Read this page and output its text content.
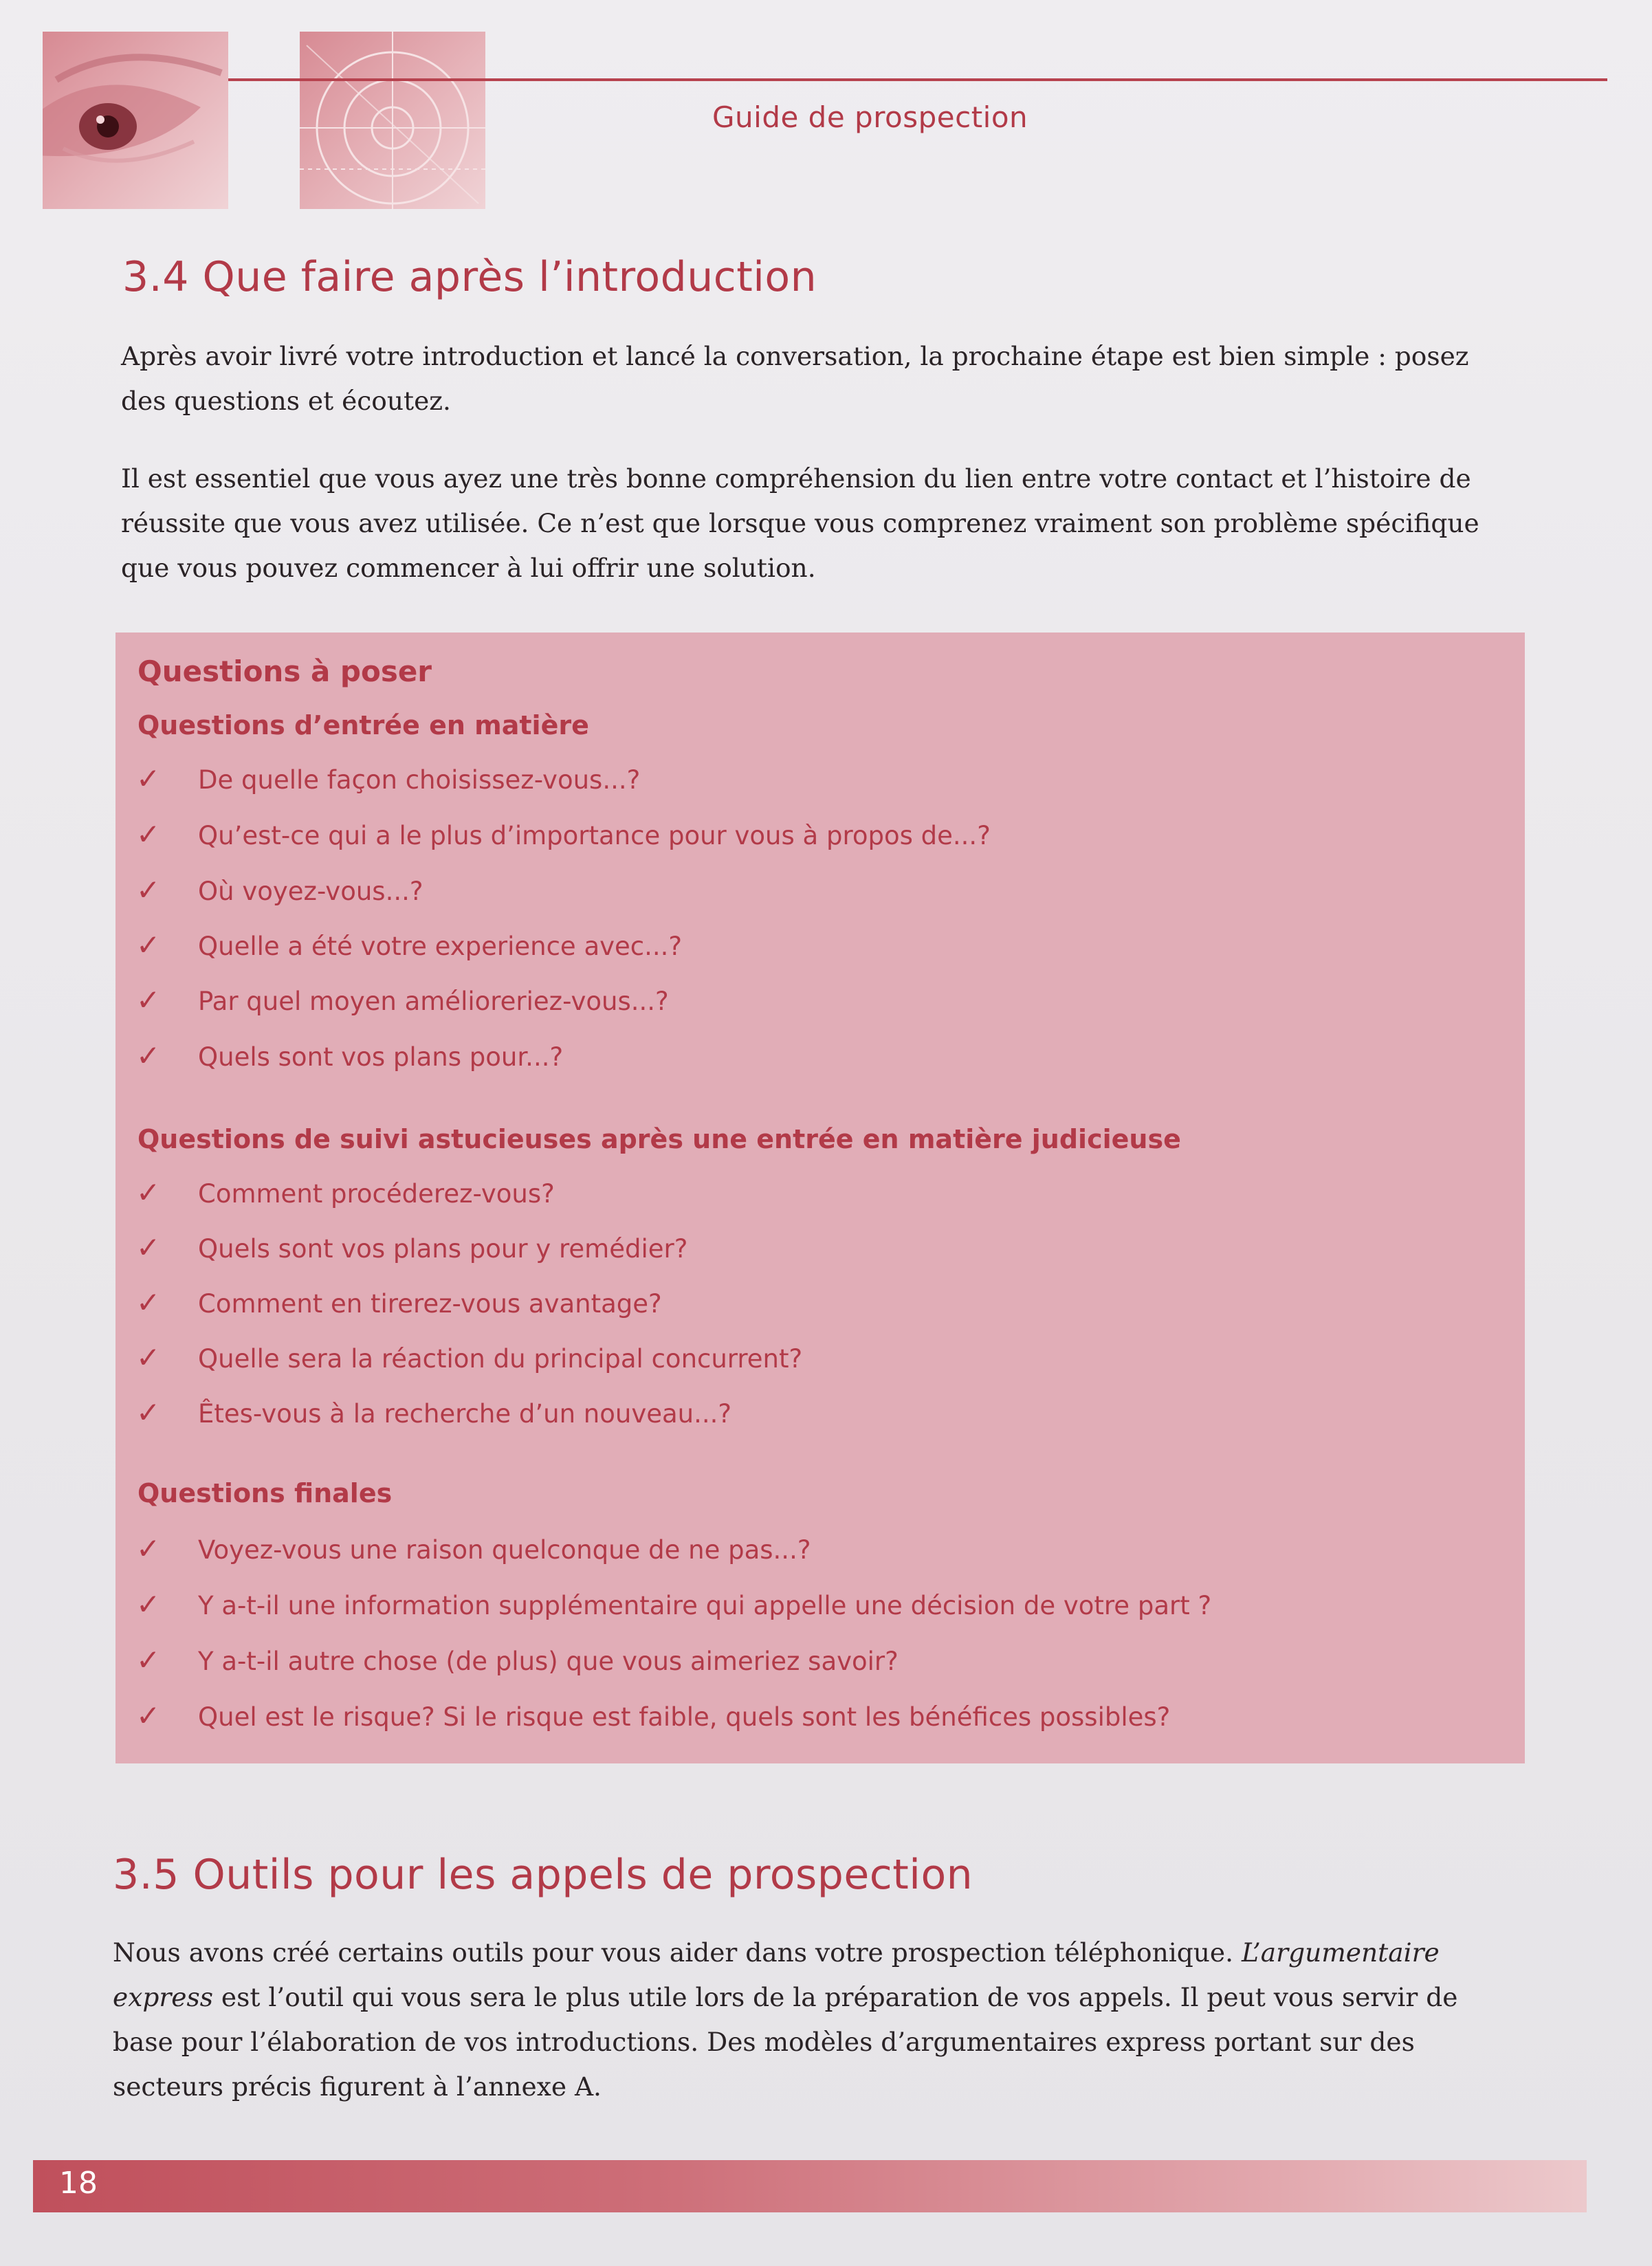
Guide de prospection
3.4 Que faire après l’introduction

Après avoir livré votre introduction et lancé la conversation, la prochaine étape est bien simple : posez
des questions et écoutez.

Il est essentiel que vous ayez une très bonne compréhension du lien entre votre contact et l’histoire de
réussite que vous avez utilisée. Ce n’est que lorsque vous comprenez vraiment son problème spécifique
que vous pouvez commencer à lui offrir une solution.

Questions à poser
Questions d’entrée en matière
✓ De quelle façon choisissez-vous...?
✓ Qu’est-ce qui a le plus d’importance pour vous à propos de...?
✓ Où voyez-vous...?
✓ Quelle a été votre experience avec...?
✓ Par quel moyen amélioreriez-vous...?
✓ Quels sont vos plans pour...?
Questions de suivi astucieuses après une entrée en matière judicieuse
✓ Comment procéderez-vous?
✓ Quels sont vos plans pour y remédier?
✓ Comment en tirerez-vous avantage?
✓ Quelle sera la réaction du principal concurrent?
✓ Êtes-vous à la recherche d’un nouveau...?
Questions finales
✓ Voyez-vous une raison quelconque de ne pas...?
✓ Y a-t-il une information supplémentaire qui appelle une décision de votre part ?
✓ Y a-t-il autre chose (de plus) que vous aimeriez savoir?
✓ Quel est le risque? Si le risque est faible, quels sont les bénéfices possibles?
3.5 Outils pour les appels de prospection

Nous avons créé certains outils pour vous aider dans votre prospection téléphonique. L’argumentaire
express est l’outil qui vous sera le plus utile lors de la préparation de vos appels. Il peut vous servir de
base pour l’élaboration de vos introductions. Des modèles d’argumentaires express portant sur des
secteurs précis figurent à l’annexe A.

18
